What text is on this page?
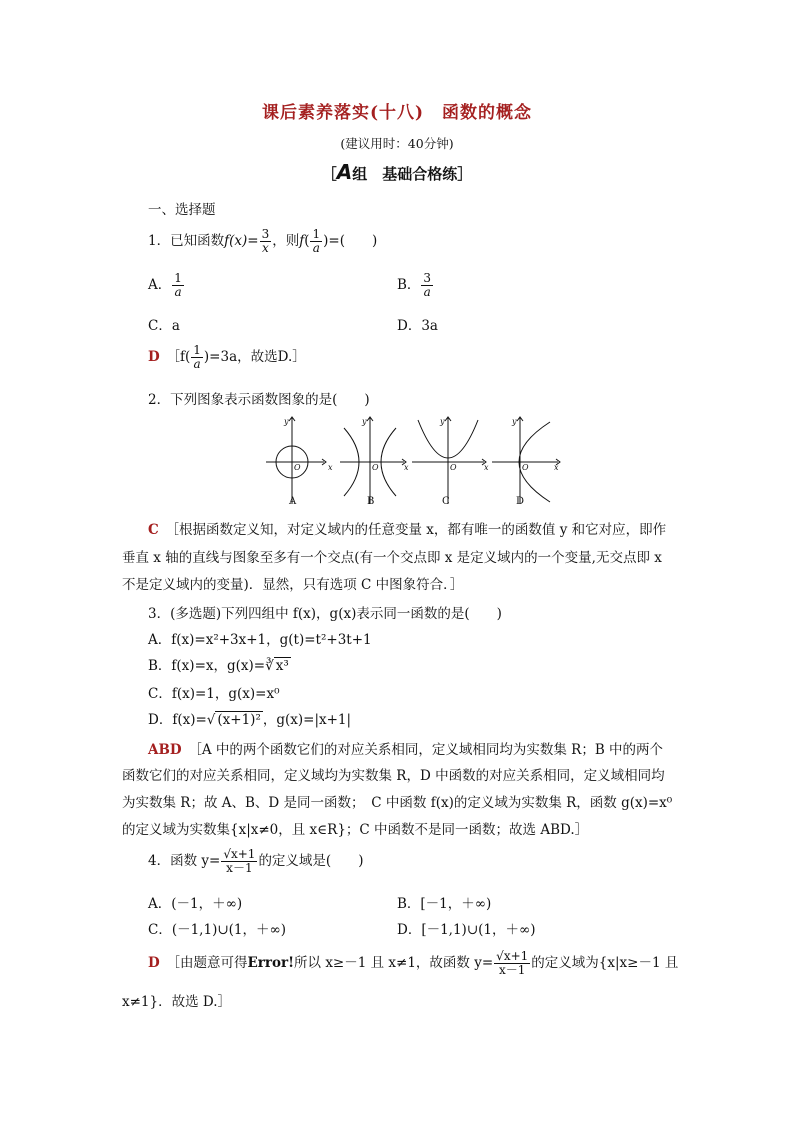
课后素养落实(十八)　函数的概念
(建议用时：40分钟)
［A组　基础合格练］
一、选择题
1．已知函数$f(x)= \frac{3}{x}$ ，则$f( \frac{1}{a}$ )=(　　)
A． $\frac{1}{a}$	B． $\frac{3}{a}$
C．a	D．3a
D　 ［f( $\frac{1}{a} )=3a$，故选D.］
2．下列图象表示函数图象的是(　　)
y
O	x
y
O	x
y
O	x
y
O	x
A	B	C	D
C　 ［根据函数定义知，对定义域内的任意变量 x，都有唯一的函数值 y 和它对应，即作
垂直 x 轴的直线与图象至多有一个交点(有一个交点即 x 是定义域内的一个变量,无交点即 x
不是定义域内的变量)．显然，只有选项 C 中图象符合．］
3．(多选题)下列四组中 f(x)，g(x)表示同一函数的是(　　)
A．f(x)=x²+3x+1，g(t)=t²+3t+1
B．f(x)=x，g(x)=∛ x³
C．f(x)=1，g(x)=x⁰
D．f(x)=√ (x+1)² ，g(x)=|x+1|
ABD　 ［A 中的两个函数它们的对应关系相同，定义域相同均为实数集 R；B 中的两个
函数它们的对应关系相同，定义域均为实数集 R，D 中函数的对应关系相同，定义域相同均
为实数集 R；故 A、B、D 是同一函数；　C 中函数 f(x)的定义域为实数集 R，函数 g(x)=x⁰
的定义域为实数集{x|x≠0，且 x∈R}；C 中函数不是同一函数；故选 ABD.］
4．函数 $y= \frac{√x+1}{x-1}$ 的定义域是(　　)
A．(－1，＋∞)	B．[－1，＋∞)
C．(－1,1)∪(1，＋∞)	D．[－1,1)∪(1，＋∞)
D　 ［由题意可得Error!所以 x≥－1 且 x≠1，故函数 $y= \frac{√x+1}{x-1}$ 的定义域为{x|x≥－1 且
x≠1}．故选 D.］
